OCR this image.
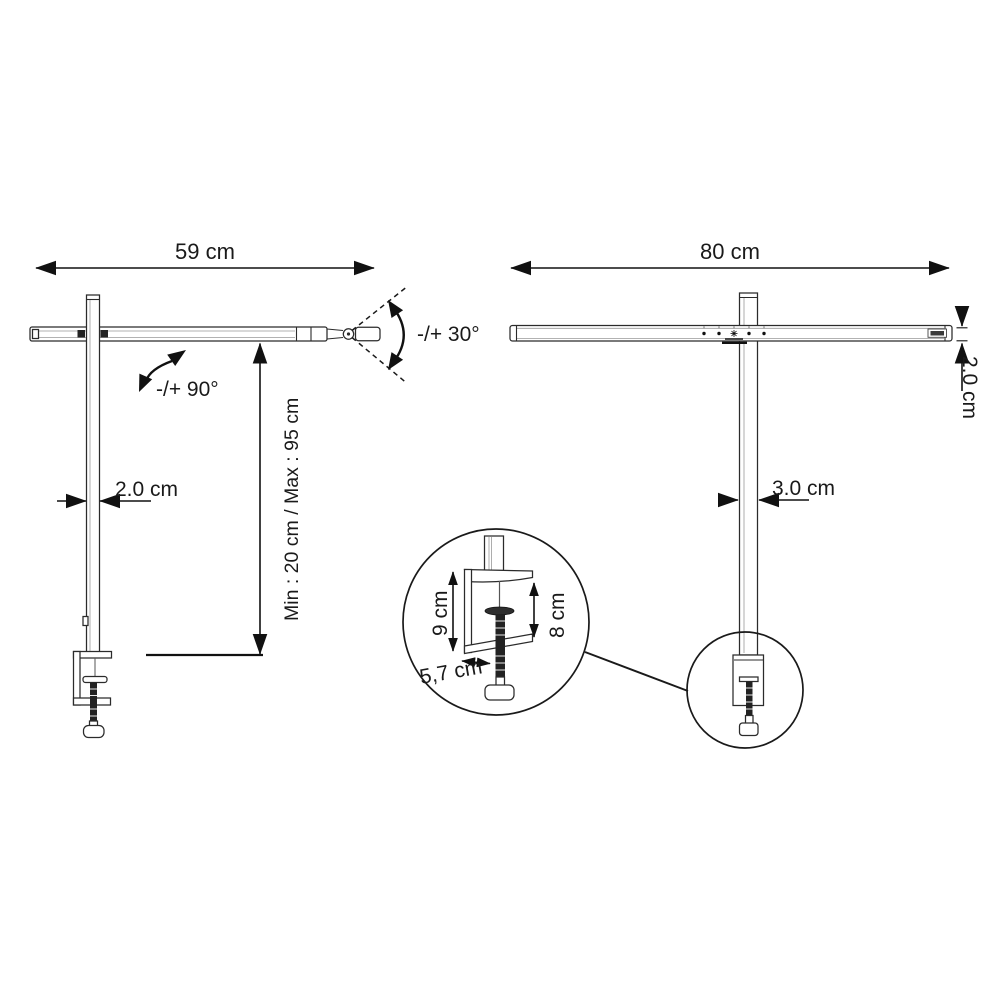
59 cm
-/+ 30°
-/+ 90°
2.0 cm	Min : 20 cm / Max : 95 cm
80 cm
2.0 cm
3.0 cm
9 cm	8 cm
5,7 cm
